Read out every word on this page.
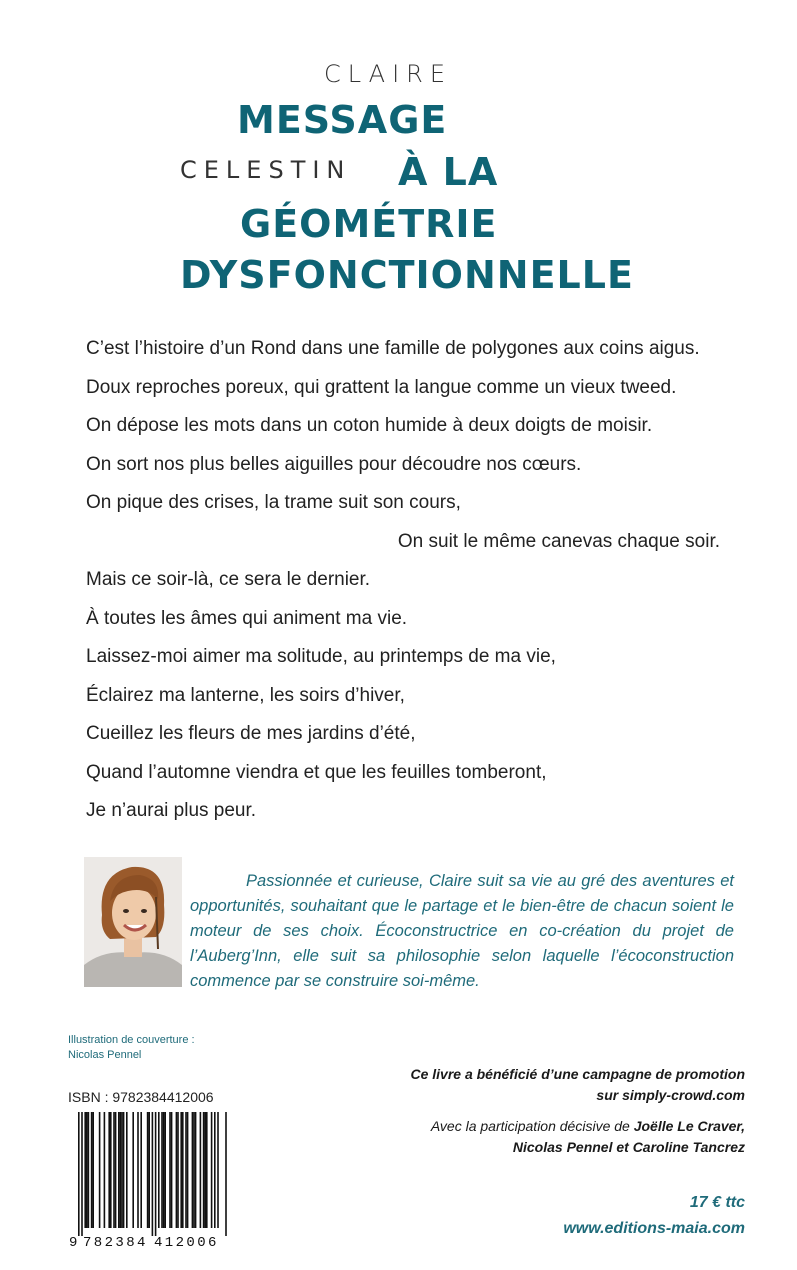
CLAIRE
CELESTIN
MESSAGE
À LA
GÉOMÉTRIE
DYSFONCTIONNELLE
C’est l’histoire d’un Rond dans une famille de polygones aux coins aigus.
Doux reproches poreux, qui grattent la langue comme un vieux tweed.
On dépose les mots dans un coton humide à deux doigts de moisir.
On sort nos plus belles aiguilles pour découdre nos cœurs.
On pique des crises, la trame suit son cours,
On suit le même canevas chaque soir.
Mais ce soir-là, ce sera le dernier.
À toutes les âmes qui animent ma vie.
Laissez-moi aimer ma solitude, au printemps de ma vie,
Éclairez ma lanterne, les soirs d’hiver,
Cueillez les fleurs de mes jardins d’été,
Quand l’automne viendra et que les feuilles tomberont,
Je n’aurai plus peur.
Passionnée et curieuse, Claire suit sa vie au gré des aventures et opportunités, souhaitant que le partage et le bien-être de chacun soient le moteur de ses choix. Écoconstructrice en co-création du projet de l’Auberg’Inn, elle suit sa philosophie selon laquelle l’écoconstruction commence par se construire soi-même.
Illustration de couverture :
Nicolas Pennel
ISBN : 9782384412006
9 782384 412006
Ce livre a bénéficié d’une campagne de promotion
sur simply-crowd.com
Avec la participation décisive de Joëlle Le Craver,
Nicolas Pennel et Caroline Tancrez
17 € ttc
www.editions-maia.com
